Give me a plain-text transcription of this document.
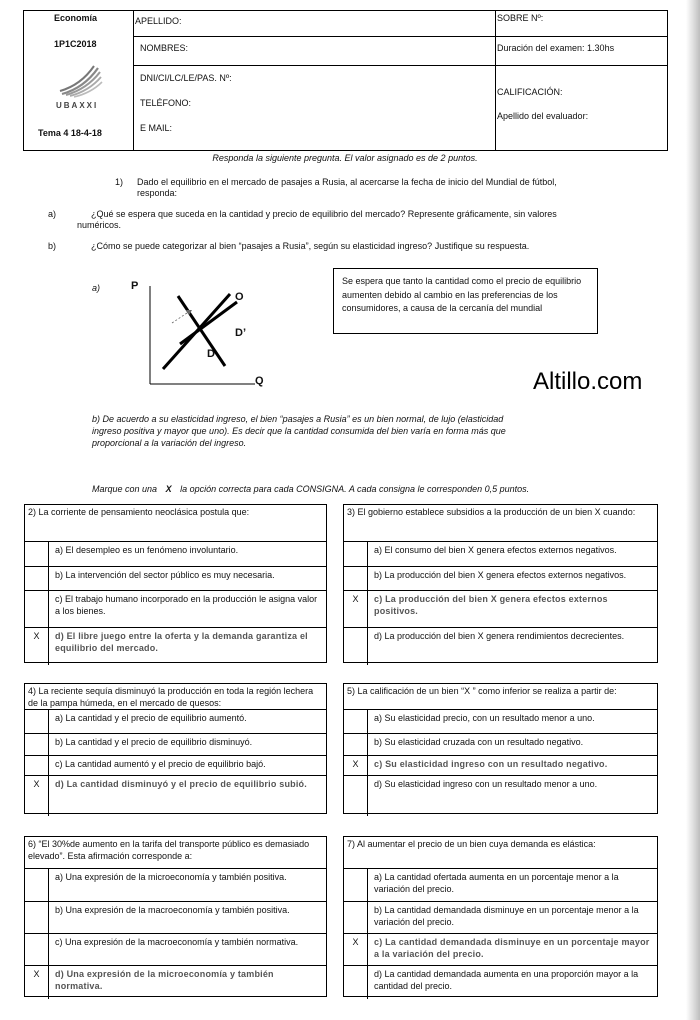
Economía
1P1C2018
UBAXXI
Tema 4 18-4-18
APELLIDO:
NOMBRES:
DNI/CI/LC/LE/PAS. Nº:
TELÉFONO:
E MAIL:
SOBRE Nº:
Duración del examen: 1.30hs
CALIFICACIÓN:
Apellido del evaluador:
Responda la siguiente pregunta. El valor asignado es de 2 puntos.
1) Dado el equilibrio en el mercado de pasajes a Rusia, al acercarse la fecha de inicio del Mundial de fútbol,
responda:
a)	¿Qué se espera que suceda en la cantidad y precio de equilibrio del mercado? Represente gráficamente, sin valores
numéricos.
b)	¿Cómo se puede categorizar al bien “pasajes a Rusia”, según su elasticidad ingreso? Justifique su respuesta.
a)	P
Q
O
D’
D
Se espera que tanto la cantidad como el precio de equilibrio aumenten debido al cambio en las preferencias de los consumidores, a causa de la cercanía del mundial
Altillo.com
b) De acuerdo a su elasticidad ingreso, el bien “pasajes a Rusia” es un bien normal, de lujo (elasticidad
ingreso positiva y mayor que uno). Es decir que la cantidad consumida del bien varía en forma más que
proporcional a la variación del ingreso.
Marque con una X la opción correcta para cada CONSIGNA. A cada consigna le corresponden 0,5 puntos.
2) La corriente de pensamiento neoclásica postula que:
a) El desempleo es un fenómeno involuntario.
b) La intervención del sector público es muy necesaria.
c) El trabajo humano incorporado en la producción le asigna valor a los bienes.
X	d) El libre juego entre la oferta y la demanda garantiza el equilibrio del mercado.
3) El gobierno establece subsidios a la producción de un bien X cuando:
a) El consumo del bien X genera efectos externos negativos.
b) La producción del bien X genera efectos externos negativos.
X	c) La producción del bien X genera efectos externos positivos.
d) La producción del bien X genera rendimientos decrecientes.
4) La reciente sequía disminuyó la producción en toda la región lechera de la pampa húmeda, en el mercado de quesos:
a) La cantidad y el precio de equilibrio aumentó.
b) La cantidad y el precio de equilibrio disminuyó.
c) La cantidad aumentó y el precio de equilibrio bajó.
X	d) La cantidad disminuyó y el precio de equilibrio subió.
5) La calificación de un bien “X ” como inferior se realiza a partir de:
a) Su elasticidad precio, con un resultado menor a uno.
b) Su elasticidad cruzada con un resultado negativo.
X	c) Su elasticidad ingreso con un resultado negativo.
d) Su elasticidad ingreso con un resultado menor a uno.
6) “El 30%de aumento en la tarifa del transporte público es demasiado elevado”. Esta afirmación corresponde a:
a) Una expresión de la microeconomía y también positiva.
b) Una expresión de la macroeconomía y también positiva.
c) Una expresión de la macroeconomía y también normativa.
X	d) Una expresión de la microeconomía y también normativa.
7) Al aumentar el precio de un bien cuya demanda es elástica:
a) La cantidad ofertada aumenta en un porcentaje menor a la variación del precio.
b) La cantidad demandada disminuye en un porcentaje menor a la variación del precio.
X	c) La cantidad demandada disminuye en un porcentaje mayor a la variación del precio.
d) La cantidad demandada aumenta en una proporción mayor a la cantidad del precio.
